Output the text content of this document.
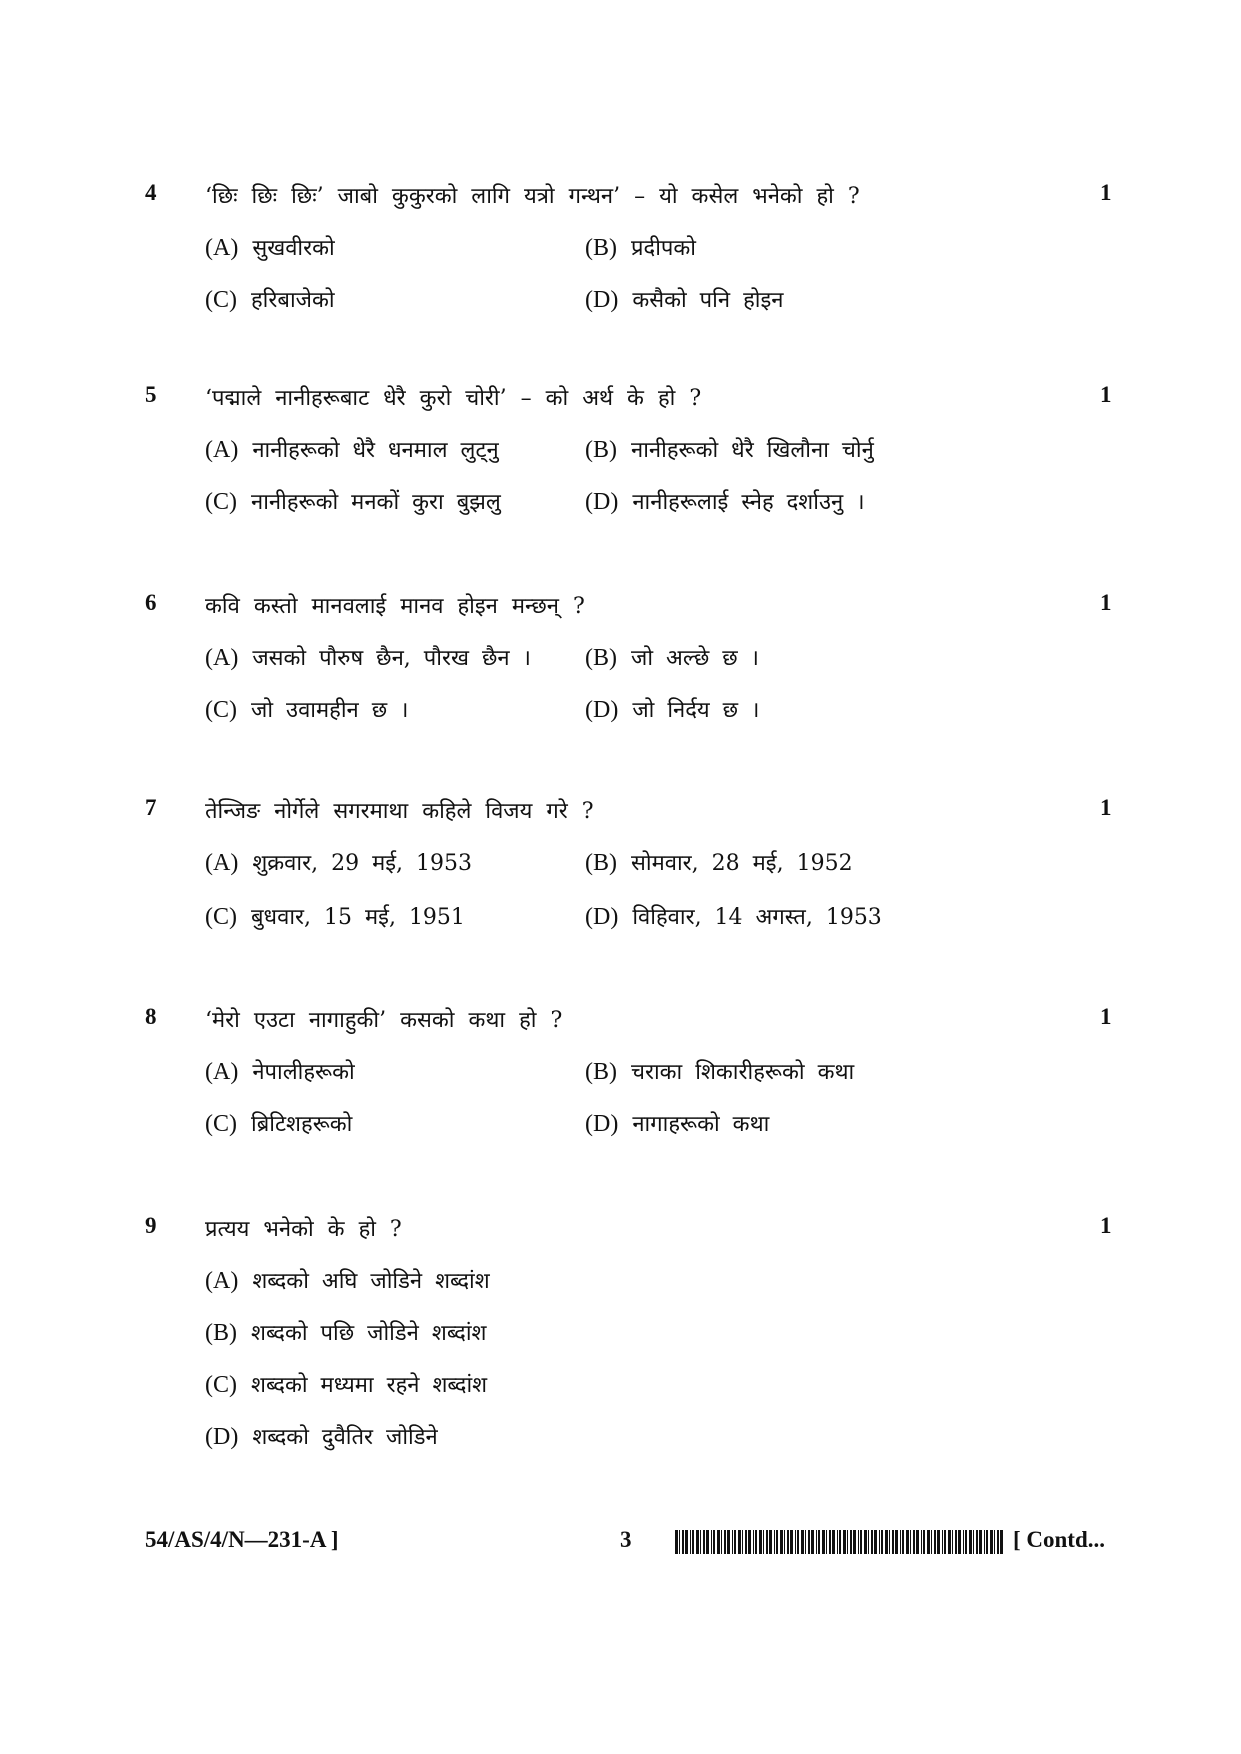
4 ‘छिः छिः छिः’ जाबो कुकुरको लागि यत्रो गन्थन’ – यो कसेल भनेको हो ?	1
(A) सुखवीरको	(B) प्रदीपको
(C) हरिबाजेको	(D) कसैको पनि होइन
5 ‘पद्माले नानीहरूबाट धेरै कुरो चोरी’ – को अर्थ के हो ?	1
(A) नानीहरूको धेरै धनमाल लुट्नु	(B) नानीहरूको धेरै खिलौना चोर्नु
(C) नानीहरूको मनकों कुरा बुझलु	(D) नानीहरूलाई स्नेह दर्शाउनु ।
6 कवि कस्तो मानवलाई मानव होइन मन्छन् ?	1
(A) जसको पौरुष छैन, पौरख छैन । (B) जो अल्छे छ ।
(C) जो उवामहीन छ ।	(D) जो निर्दय छ ।
7 तेन्जिङ नोर्गेले सगरमाथा कहिले विजय गरे ?	1
(A) शुक्रवार, 29 मई, 1953	(B) सोमवार, 28 मई, 1952
(C) बुधवार, 15 मई, 1951	(D) विहिवार, 14 अगस्त, 1953
8 ‘मेरो एउटा नागाहुकी’ कसको कथा हो ?	1
(A) नेपालीहरूको	(B) चराका शिकारीहरूको कथा
(C) ब्रिटिशहरूको	(D) नागाहरूको कथा
9 प्रत्यय भनेको के हो ?	1
(A) शब्दको अघि जोडिने शब्दांश
(B) शब्दको पछि जोडिने शब्दांश
(C) शब्दको मध्यमा रहने शब्दांश
(D) शब्दको दुवैतिर जोडिने
54/AS/4/N—231-A ]	3	[ Contd...
